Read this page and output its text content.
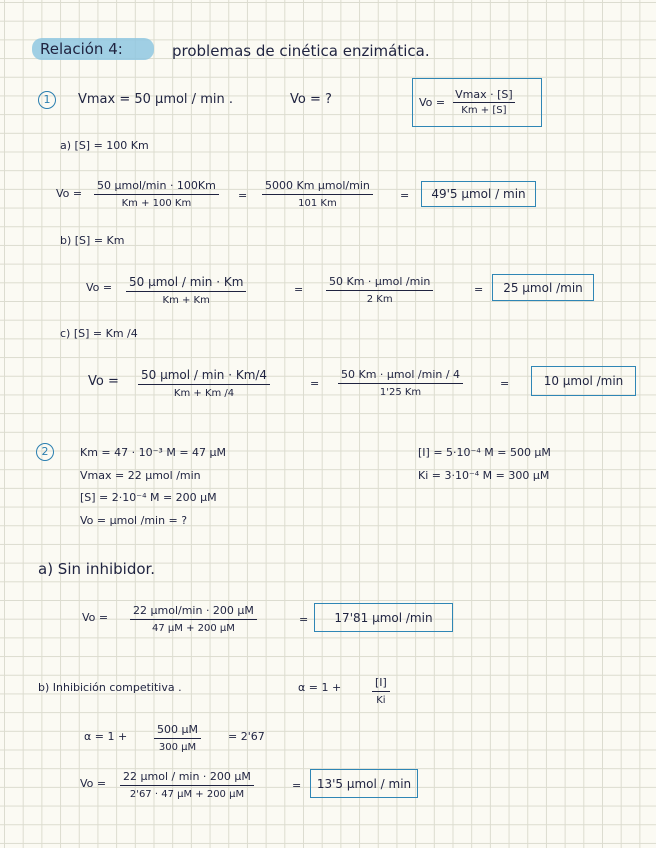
Relación 4:	problemas de cinética enzimática.
1	Vmax = 50 μmol / min .	Vo = ?	Vo =
Vmax · [S]
Km + [S]
a) [S] = 100 Km
Vo =
50 μmol/min · 100Km
Km + 100 Km
=
5000 Km μmol/min
101 Km
=	49'5 μmol / min
b) [S] = Km
Vo = 50 μmol / min · Km
Km + Km
=
50 Km · μmol /min
2 Km
=	25 μmol /min
c) [S] = Km /4
Vo = 50 μmol / min · Km/4
Km + Km /4
=
50 Km · μmol /min / 4
1'25 Km
=	10 μmol /min
2	Km = 47 · 10⁻³ M = 47 μM
Vmax = 22 μmol /min
[S] = 2·10⁻⁴ M = 200 μM
Vo = μmol /min = ?
[I] = 5·10⁻⁴ M = 500 μM
Ki = 3·10⁻⁴ M = 300 μM
a) Sin inhibidor.
Vo =
22 μmol/min · 200 μM
47 μM + 200 μM
=	17'81 μmol /min
b) Inhibición competitiva .	α = 1 +	$\frac{[I]}{Ki}$
$\alpha = 1 + \frac{500 \mu M}{300 \mu M} = 2'67$
Vo =
22 μmol / min · 200 μM
2'67 · 47 μM + 200 μM
=	13'5 μmol / min
